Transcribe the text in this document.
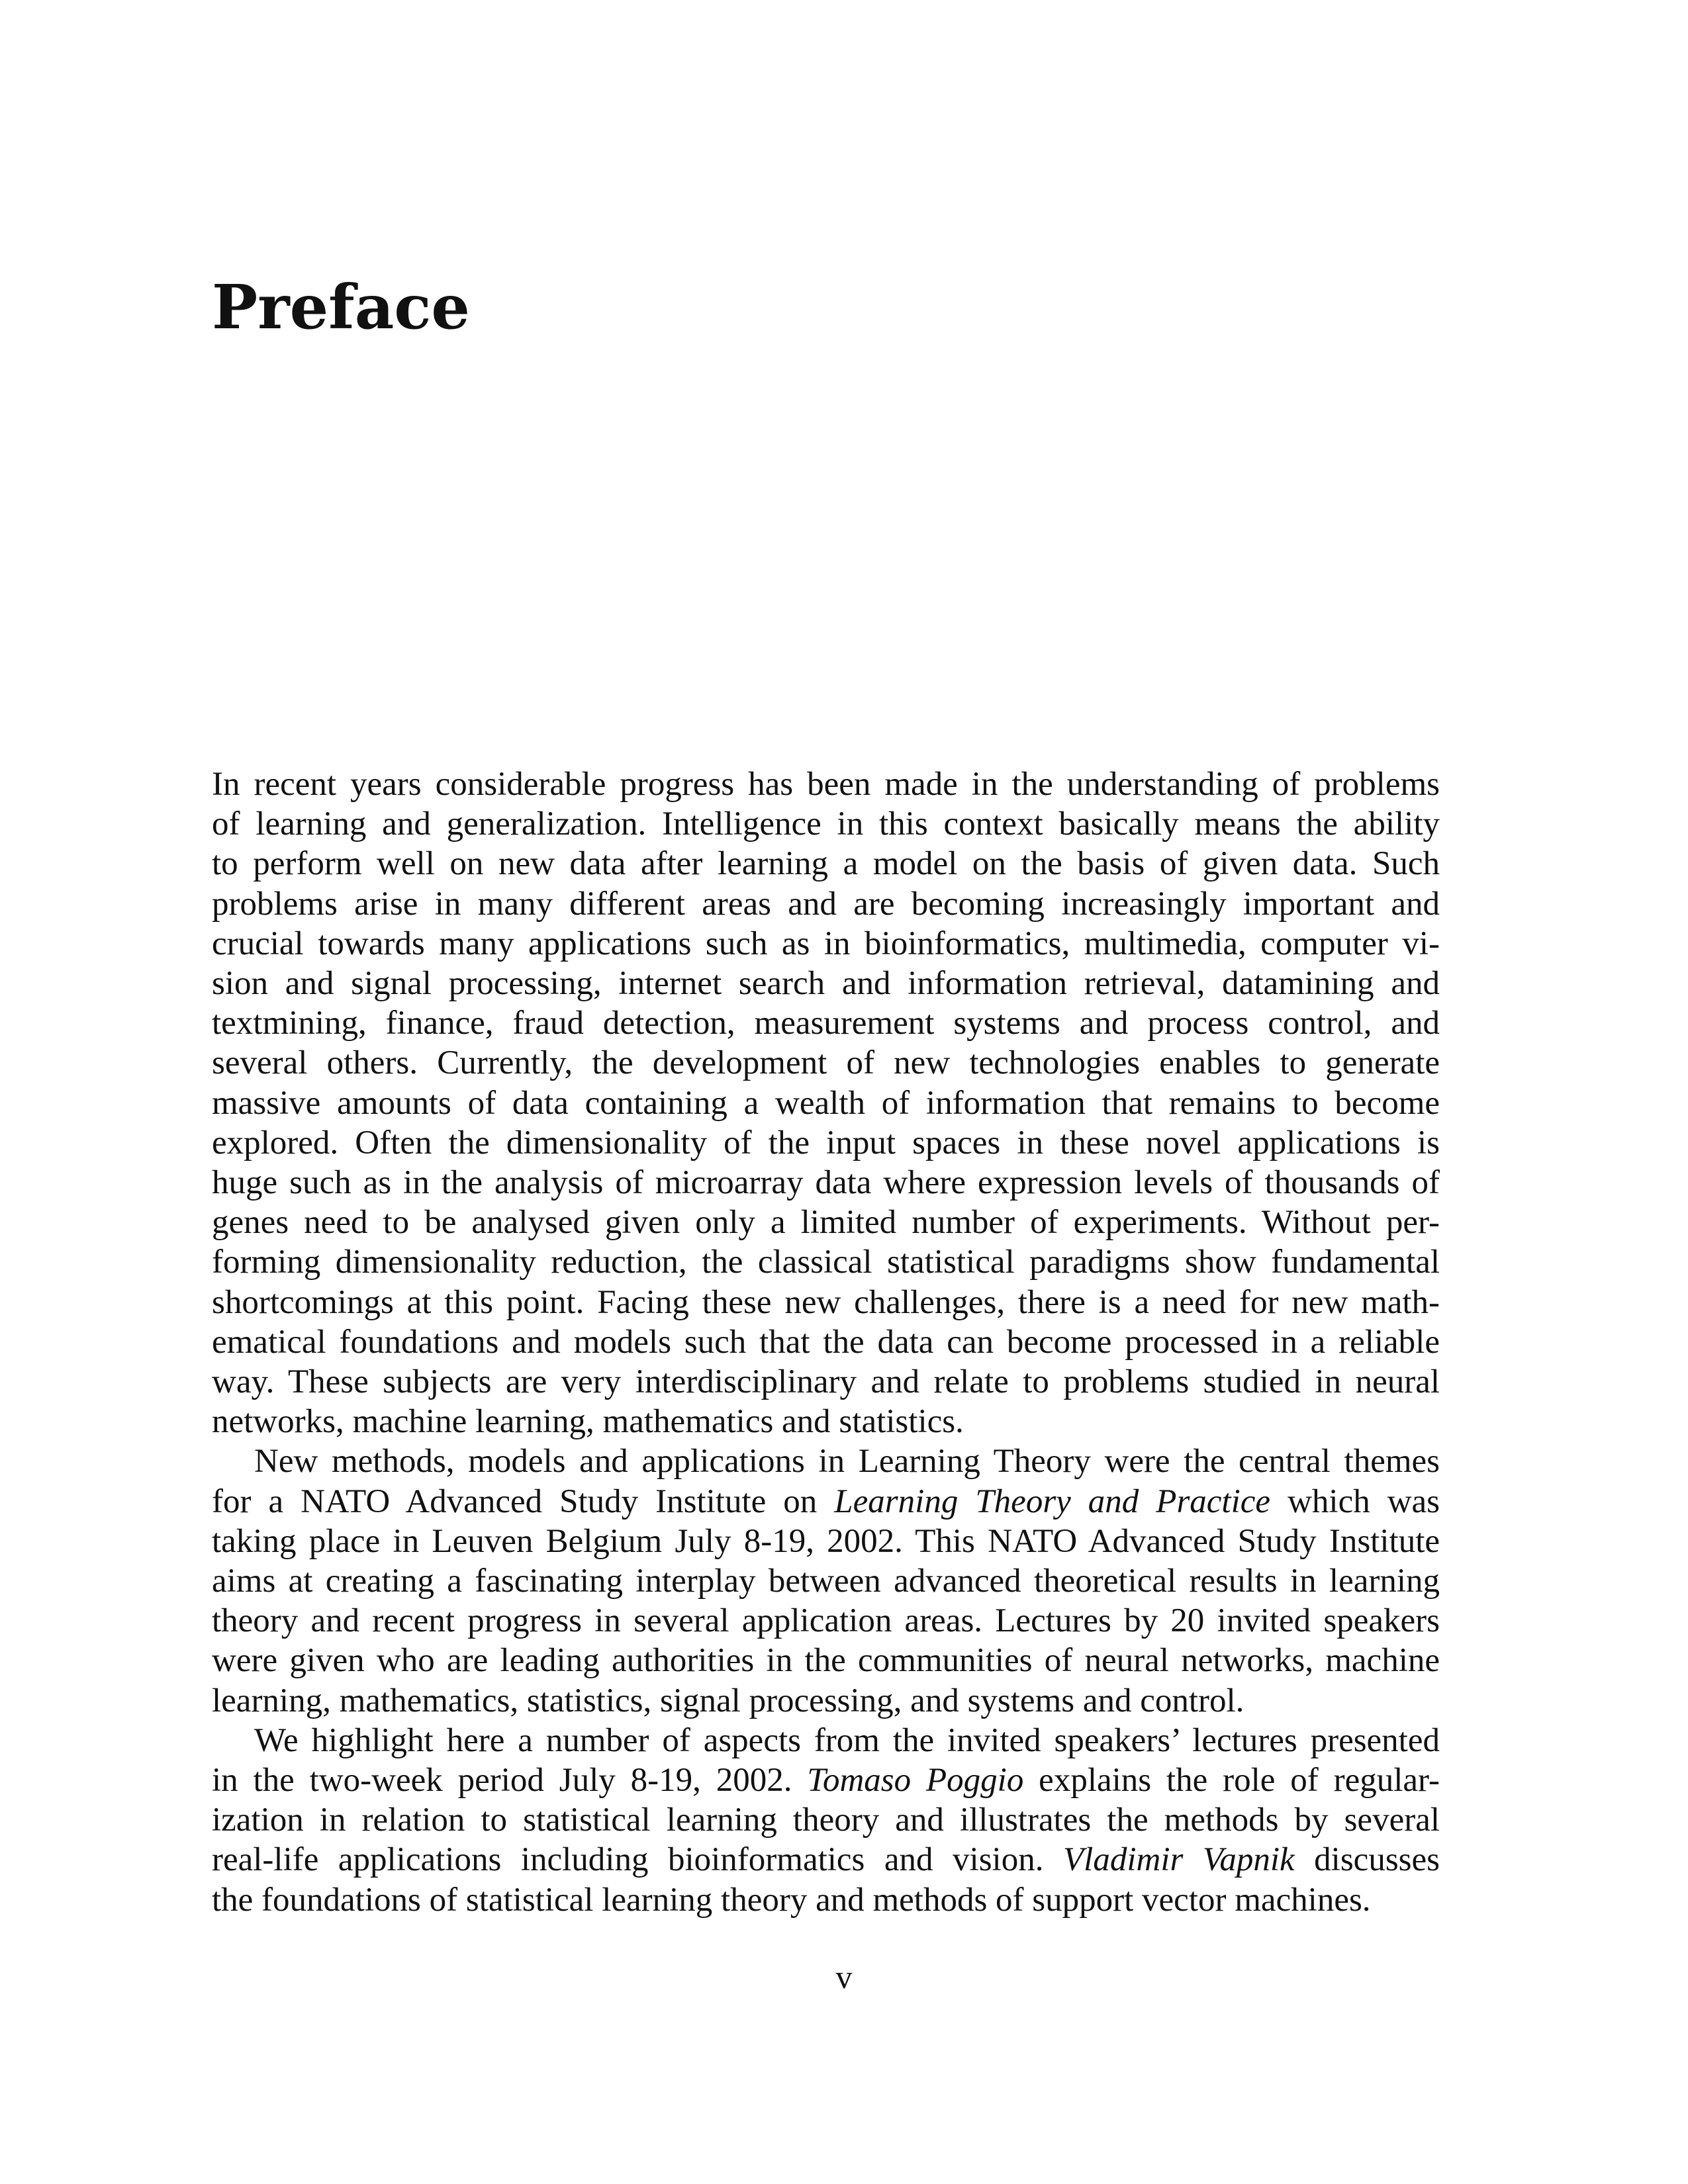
Preface
In recent years considerable progress has been made in the understanding of problems
of learning and generalization. Intelligence in this context basically means the ability
to perform well on new data after learning a model on the basis of given data. Such
problems arise in many different areas and are becoming increasingly important and
crucial towards many applications such as in bioinformatics, multimedia, computer vi-
sion and signal processing, internet search and information retrieval, datamining and
textmining, finance, fraud detection, measurement systems and process control, and
several others. Currently, the development of new technologies enables to generate
massive amounts of data containing a wealth of information that remains to become
explored. Often the dimensionality of the input spaces in these novel applications is
huge such as in the analysis of microarray data where expression levels of thousands of
genes need to be analysed given only a limited number of experiments. Without per-
forming dimensionality reduction, the classical statistical paradigms show fundamental
shortcomings at this point. Facing these new challenges, there is a need for new math-
ematical foundations and models such that the data can become processed in a reliable
way. These subjects are very interdisciplinary and relate to problems studied in neural
networks, machine learning, mathematics and statistics.
New methods, models and applications in Learning Theory were the central themes
for a NATO Advanced Study Institute on Learning Theory and Practice which was
taking place in Leuven Belgium July 8-19, 2002. This NATO Advanced Study Institute
aims at creating a fascinating interplay between advanced theoretical results in learning
theory and recent progress in several application areas. Lectures by 20 invited speakers
were given who are leading authorities in the communities of neural networks, machine
learning, mathematics, statistics, signal processing, and systems and control.
We highlight here a number of aspects from the invited speakers’ lectures presented
in the two-week period July 8-19, 2002. Tomaso Poggio explains the role of regular-
ization in relation to statistical learning theory and illustrates the methods by several
real-life applications including bioinformatics and vision. Vladimir Vapnik discusses
the foundations of statistical learning theory and methods of support vector machines.
v
